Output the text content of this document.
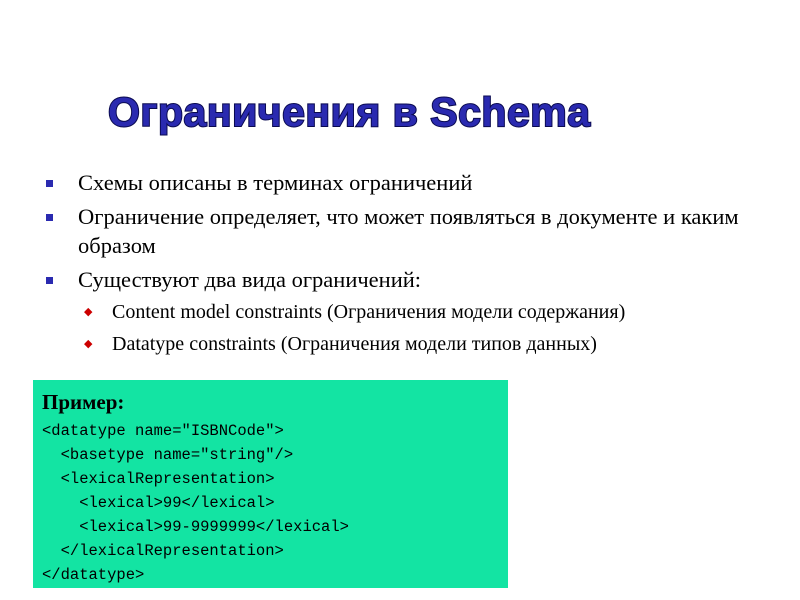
Ограничения в Schema
Схемы описаны в терминах ограничений
Ограничение определяет, что может появляться в документе и каким образом
Существуют два вида ограничений:
◆ Content model constraints (Ограничения модели содержания)
◆ Datatype constraints (Ограничения модели типов данных)
Пример:
<datatype name="ISBNCode">
<basetype name="string"/>
<lexicalRepresentation>
<lexical>99</lexical>
<lexical>99-9999999</lexical>
</lexicalRepresentation>
</datatype>
